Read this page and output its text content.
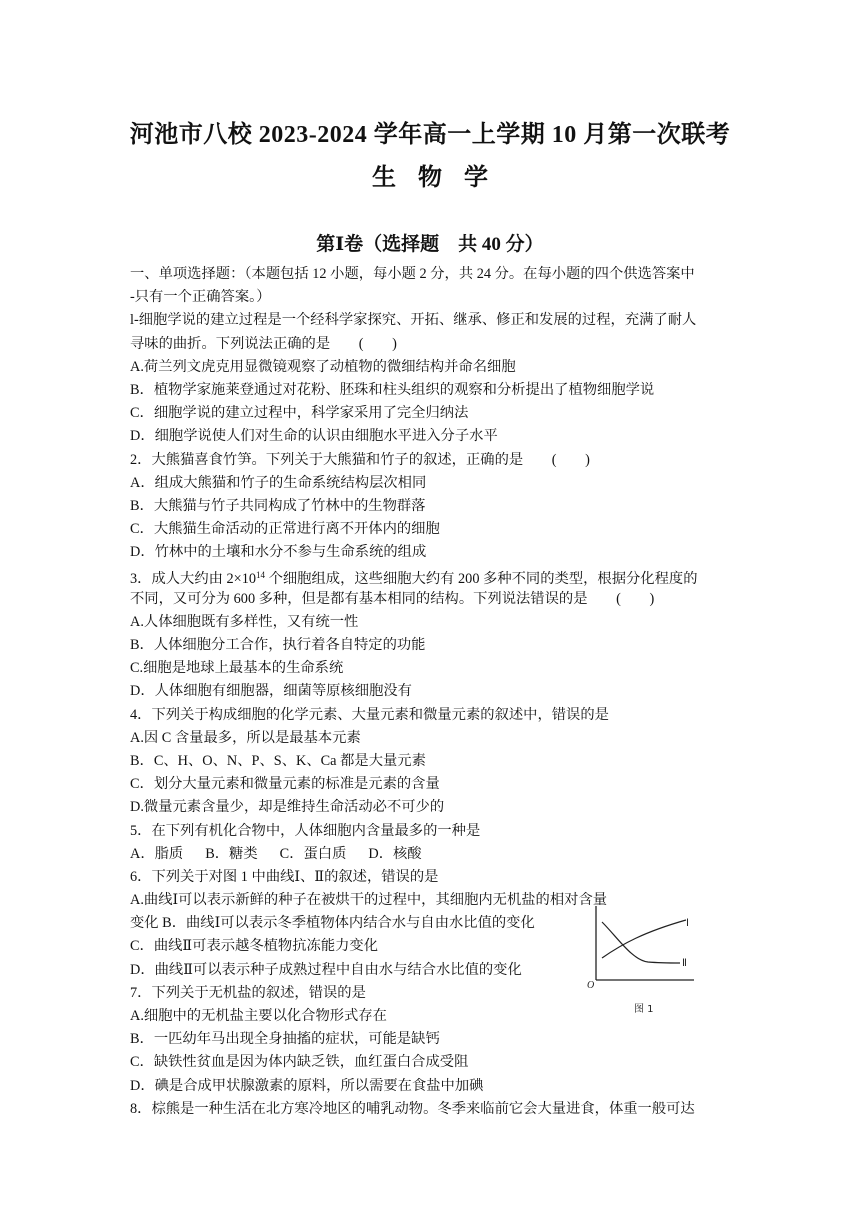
河池市八校 2023-2024 学年高一上学期 10 月第一次联考
生物学
第Ⅰ卷（选择题　共 40 分）
一、单项选择题：（本题包括 12 小题，每小题 2 分，共 24 分。在每小题的四个供选答案中
-只有一个正确答案。）
l-细胞学说的建立过程是一个经科学家探究、开拓、继承、修正和发展的过程，充满了耐人
寻味的曲折。下列说法正确的是　　(　　)
A.荷兰列文虎克用显微镜观察了动植物的微细结构并命名细胞
B．植物学家施莱登通过对花粉、胚珠和柱头组织的观察和分析提出了植物细胞学说
C．细胞学说的建立过程中，科学家采用了完全归纳法
D．细胞学说使人们对生命的认识由细胞水平进入分子水平
2．大熊猫喜食竹笋。下列关于大熊猫和竹子的叙述，正确的是　　(　　)
A．组成大熊猫和竹子的生命系统结构层次相同
B．大熊猫与竹子共同构成了竹林中的生物群落
C．大熊猫生命活动的正常进行离不开体内的细胞
D．竹林中的土壤和水分不参与生命系统的组成
3．成人大约由 $2\times 10^{14}$ 个细胞组成，这些细胞大约有 200 多种不同的类型，根据分化程度的
不同，又可分为 600 多种，但是都有基本相同的结构。下列说法错误的是　　(　　)
A.人体细胞既有多样性，又有统一性
B．人体细胞分工合作，执行着各自特定的功能
C.细胞是地球上最基本的生命系统
D．人体细胞有细胞器，细菌等原核细胞没有
4．下列关于构成细胞的化学元素、大量元素和微量元素的叙述中，错误的是
A.因 C 含量最多，所以是最基本元素
B．C、H、O、N、P、S、K、Ca 都是大量元素
C．划分大量元素和微量元素的标准是元素的含量
D.微量元素含量少，却是维持生命活动必不可少的
5．在下列有机化合物中，人体细胞内含量最多的一种是
A．脂质 B．糖类 C．蛋白质 D．核酸
6．下列关于对图 1 中曲线Ⅰ、Ⅱ的叙述，错误的是
A.曲线Ⅰ可以表示新鲜的种子在被烘干的过程中，其细胞内无机盐的相对含量
变化 B．曲线Ⅰ可以表示冬季植物体内结合水与自由水比值的变化
C．曲线Ⅱ可表示越冬植物抗冻能力变化
D．曲线Ⅱ可以表示种子成熟过程中自由水与结合水比值的变化
7．下列关于无机盐的叙述，错误的是
A.细胞中的无机盐主要以化合物形式存在
B．一匹幼年马出现全身抽搐的症状，可能是缺钙
C．缺铁性贫血是因为体内缺乏铁，血红蛋白合成受阻
D．碘是合成甲状腺激素的原料，所以需要在食盐中加碘
8．棕熊是一种生活在北方寒冷地区的哺乳动物。冬季来临前它会大量进食，体重一般可达
Ⅰ
Ⅱ
O
图 1
